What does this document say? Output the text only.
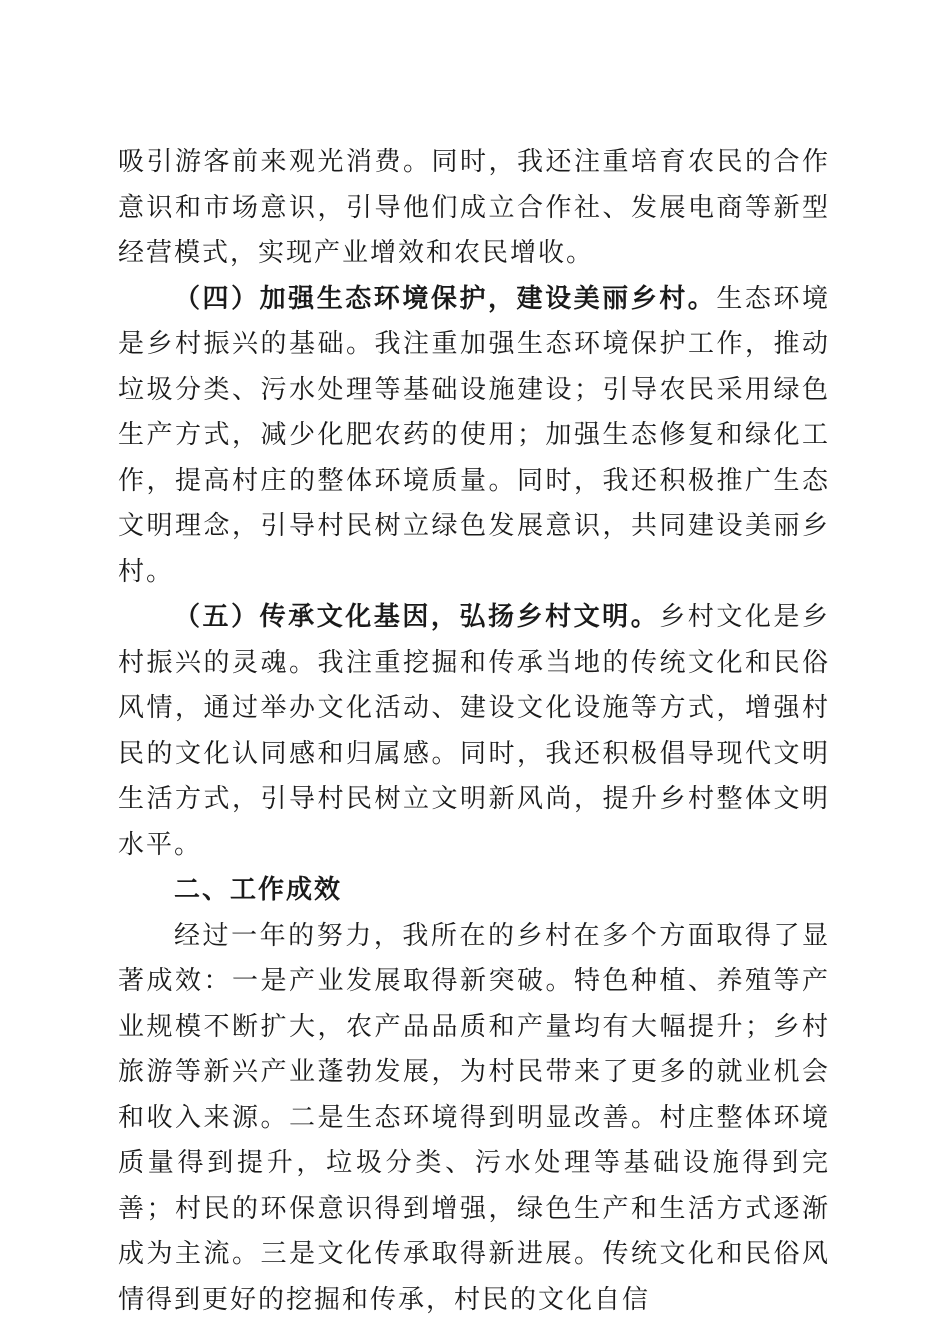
吸引游客前来观光消费。同时，我还注重培育农民的合作意识和市场意识，引导他们成立合作社、发展电商等新型经营模式，实现产业增效和农民增收。

（四）加强生态环境保护，建设美丽乡村。生态环境是乡村振兴的基础。我注重加强生态环境保护工作，推动垃圾分类、污水处理等基础设施建设；引导农民采用绿色生产方式，减少化肥农药的使用；加强生态修复和绿化工作，提高村庄的整体环境质量。同时，我还积极推广生态文明理念，引导村民树立绿色发展意识，共同建设美丽乡村。

（五）传承文化基因，弘扬乡村文明。乡村文化是乡村振兴的灵魂。我注重挖掘和传承当地的传统文化和民俗风情，通过举办文化活动、建设文化设施等方式，增强村民的文化认同感和归属感。同时，我还积极倡导现代文明生活方式，引导村民树立文明新风尚，提升乡村整体文明水平。

二、工作成效

经过一年的努力，我所在的乡村在多个方面取得了显著成效：一是产业发展取得新突破。特色种植、养殖等产业规模不断扩大，农产品品质和产量均有大幅提升；乡村旅游等新兴产业蓬勃发展，为村民带来了更多的就业机会和收入来源。二是生态环境得到明显改善。村庄整体环境质量得到提升，垃圾分类、污水处理等基础设施得到完善；村民的环保意识得到增强，绿色生产和生活方式逐渐成为主流。三是文化传承取得新进展。传统文化和民俗风情得到更好的挖掘和传承，村民的文化自信
